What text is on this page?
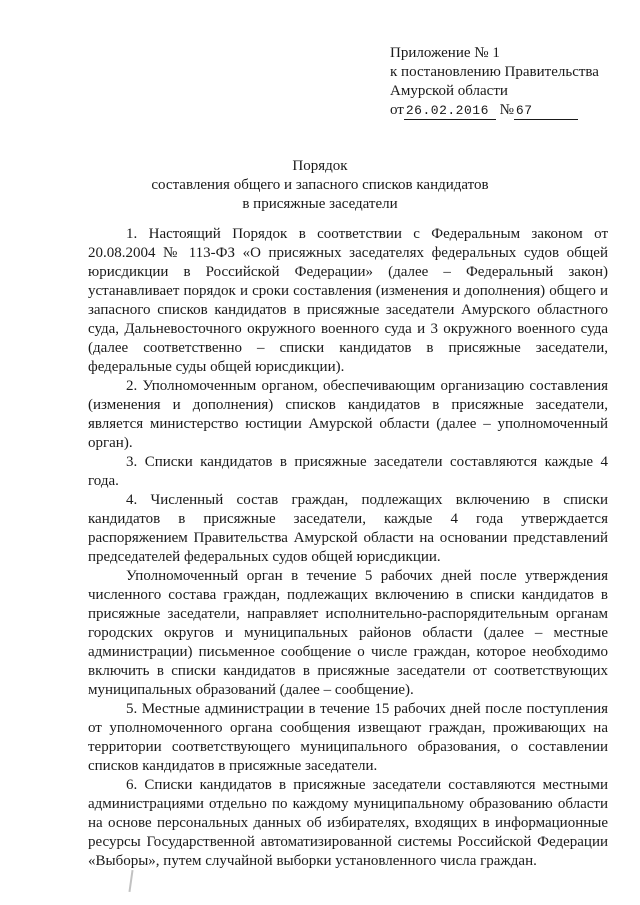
Приложение № 1
к постановлению Правительства
Амурской области
от 26.02.2016 № 67
Порядок
составления общего и запасного списков кандидатов
в присяжные заседатели

1. Настоящий Порядок в соответствии с Федеральным законом от 20.08.2004 № 113-ФЗ «О присяжных заседателях федеральных судов общей юрисдикции в Российской Федерации» (далее – Федеральный закон) устанавливает порядок и сроки составления (изменения и дополнения) общего и запасного списков кандидатов в присяжные заседатели Амурского областного суда, Дальневосточного окружного военного суда и 3 окружного военного суда (далее соответственно – списки кандидатов в присяжные заседатели, федеральные суды общей юрисдикции).

2. Уполномоченным органом, обеспечивающим организацию составления (изменения и дополнения) списков кандидатов в присяжные заседатели, является министерство юстиции Амурской области (далее – уполномоченный орган).

3. Списки кандидатов в присяжные заседатели составляются каждые 4 года.

4. Численный состав граждан, подлежащих включению в списки кандидатов в присяжные заседатели, каждые 4 года утверждается распоряжением Правительства Амурской области на основании представлений председателей федеральных судов общей юрисдикции.

Уполномоченный орган в течение 5 рабочих дней после утверждения численного состава граждан, подлежащих включению в списки кандидатов в присяжные заседатели, направляет исполнительно-распорядительным органам городских округов и муниципальных районов области (далее – местные администрации) письменное сообщение о числе граждан, которое необходимо включить в списки кандидатов в присяжные заседатели от соответствующих муниципальных образований (далее – сообщение).

5. Местные администрации в течение 15 рабочих дней после поступления от уполномоченного органа сообщения извещают граждан, проживающих на территории соответствующего муниципального образования, о составлении списков кандидатов в присяжные заседатели.

6. Списки кандидатов в присяжные заседатели составляются местными администрациями отдельно по каждому муниципальному образованию области на основе персональных данных об избирателях, входящих в информационные ресурсы Государственной автоматизированной системы Российской Федерации «Выборы», путем случайной выборки установленного числа граждан.
